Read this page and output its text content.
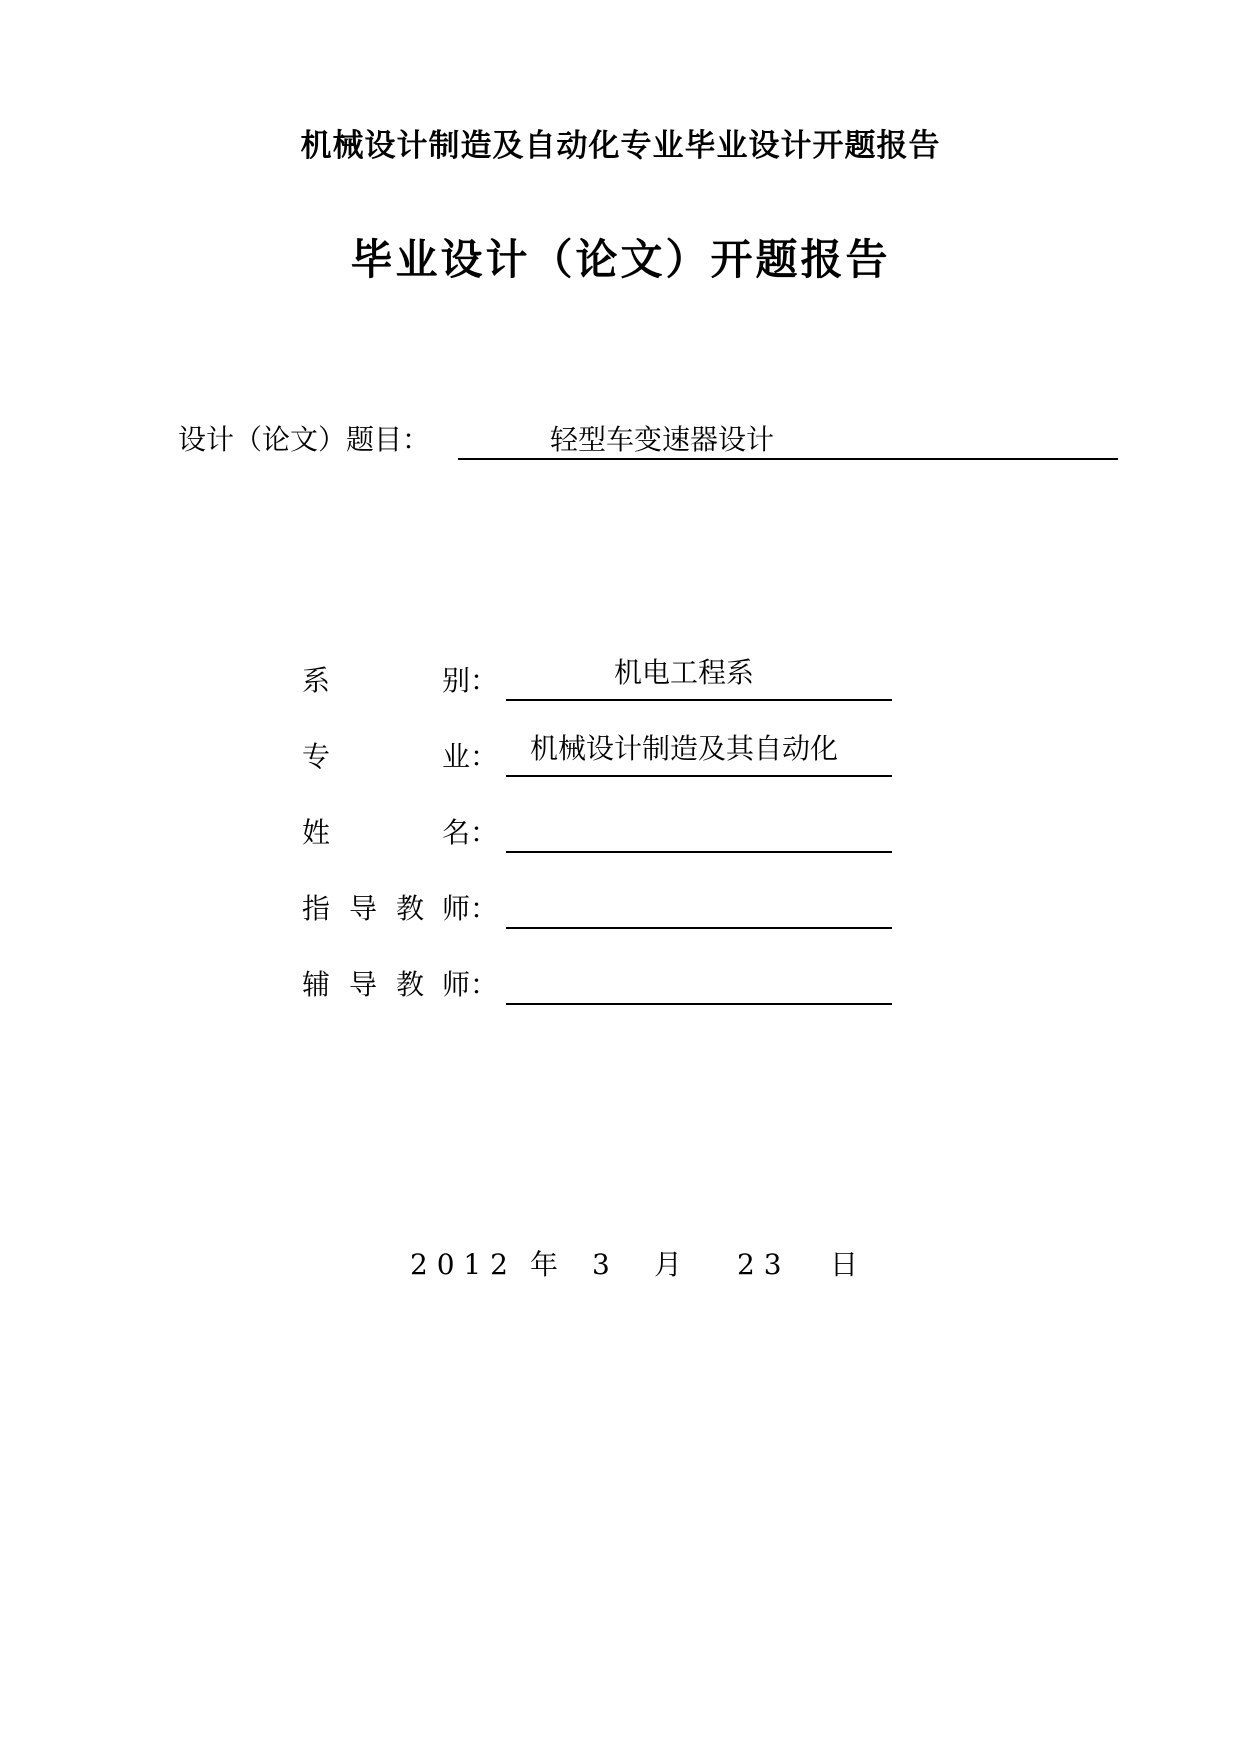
机械设计制造及自动化专业毕业设计开题报告
毕业设计（论文）开题报告
设计（论文）题目：	轻型车变速器设计
系	别：	机电工程系
专	业： 机械设计制造及其自动化
姓	名：
指 导 教 师：
辅 导 教 师：
2 0 1 2 年 3 月 2 3 日
